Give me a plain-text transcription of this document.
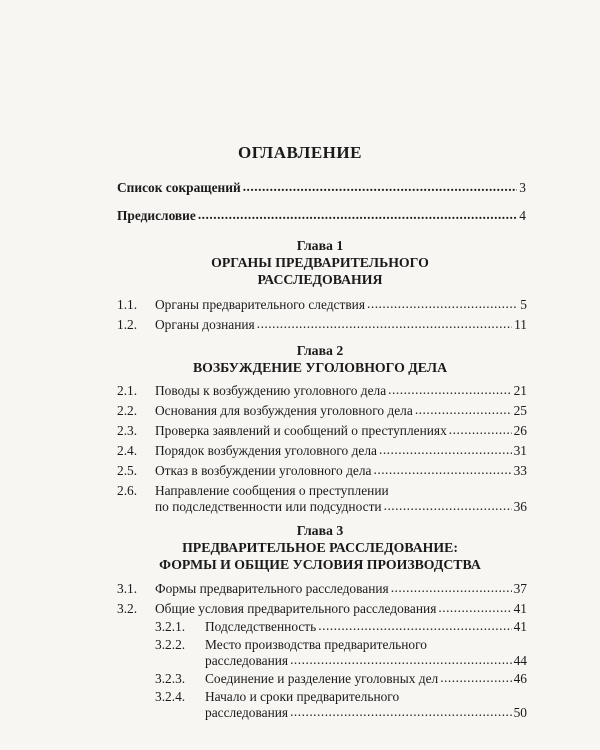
ОГЛАВЛЕНИЕ
Список сокращений .....	3
Предисловие .....	4
Глава 1
ОРГАНЫ ПРЕДВАРИТЕЛЬНОГО
РАССЛЕДОВАНИЯ
1.1.	Органы предварительного следствия .....	5
1.2.	Органы дознания .....	11
Глава 2
ВОЗБУЖДЕНИЕ УГОЛОВНОГО ДЕЛА
2.1.	Поводы к возбуждению уголовного дела .....	21
2.2.	Основания для возбуждения уголовного дела .....	25
2.3.	Проверка заявлений и сообщений о преступлениях .....	26
2.4.	Порядок возбуждения уголовного дела .....	31
2.5.	Отказ в возбуждении уголовного дела .....	33
2.6. Направление сообщения о преступлении
по подследственности или подсудности .....	36
Глава 3
ПРЕДВАРИТЕЛЬНОЕ РАССЛЕДОВАНИЕ:
ФОРМЫ И ОБЩИЕ УСЛОВИЯ ПРОИЗВОДСТВА
3.1.	Формы предварительного расследования .....	37
3.2.	Общие условия предварительного расследования .....	41
3.2.1.	Подследственность .....	41
3.2.2. Место производства предварительного
расследования .....	44
3.2.3.	Соединение и разделение уголовных дел .....	46
3.2.4. Начало и сроки предварительного
расследования .....	50
